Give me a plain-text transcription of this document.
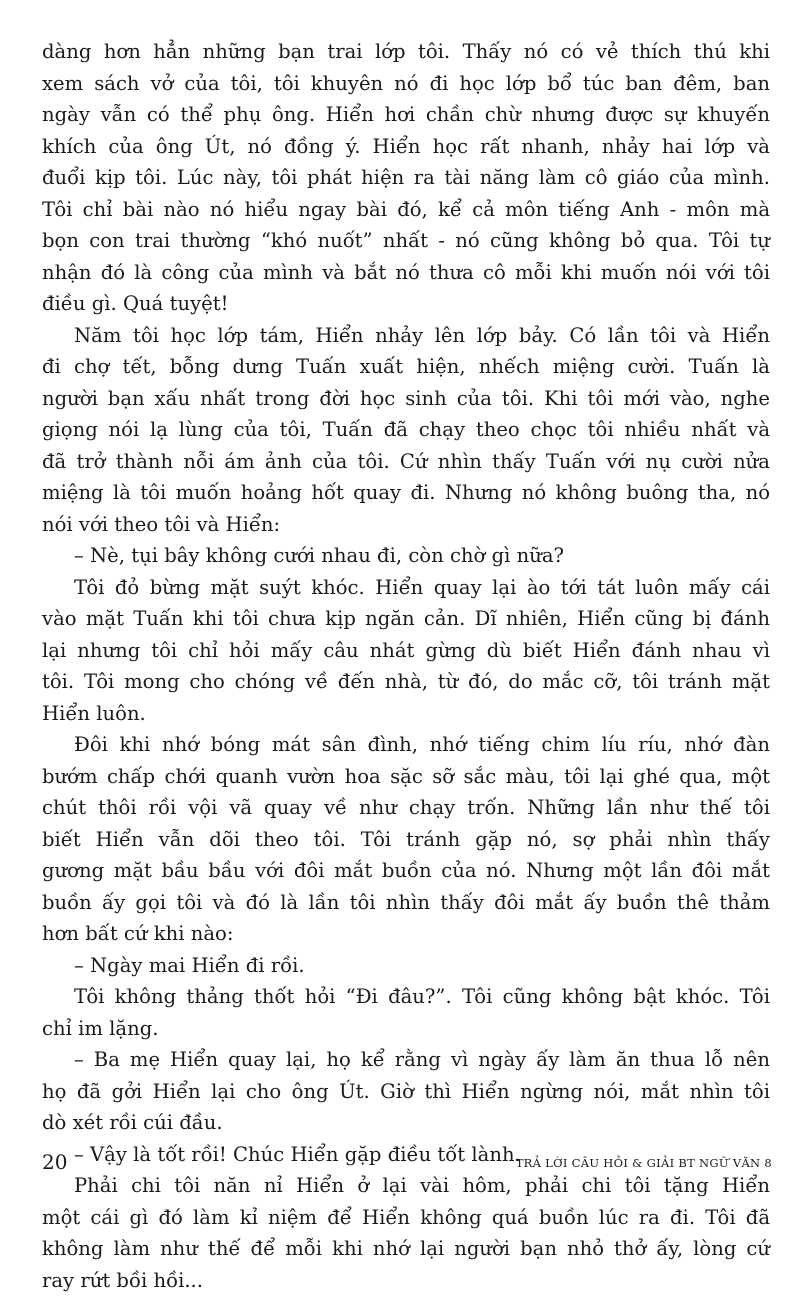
dàng hơn hẳn những bạn trai lớp tôi. Thấy nó có vẻ thích thú khi
xem sách vở của tôi, tôi khuyên nó đi học lớp bổ túc ban đêm, ban
ngày vẫn có thể phụ ông. Hiển hơi chần chừ nhưng được sự khuyến
khích của ông Út, nó đồng ý. Hiển học rất nhanh, nhảy hai lớp và
đuổi kịp tôi. Lúc này, tôi phát hiện ra tài năng làm cô giáo của mình.
Tôi chỉ bài nào nó hiểu ngay bài đó, kể cả môn tiếng Anh - môn mà
bọn con trai thường “khó nuốt” nhất - nó cũng không bỏ qua. Tôi tự
nhận đó là công của mình và bắt nó thưa cô mỗi khi muốn nói với tôi
điều gì. Quá tuyệt!

Năm tôi học lớp tám, Hiển nhảy lên lớp bảy. Có lần tôi và Hiển
đi chợ tết, bỗng dưng Tuấn xuất hiện, nhếch miệng cười. Tuấn là
người bạn xấu nhất trong đời học sinh của tôi. Khi tôi mới vào, nghe
giọng nói lạ lùng của tôi, Tuấn đã chạy theo chọc tôi nhiều nhất và
đã trở thành nỗi ám ảnh của tôi. Cứ nhìn thấy Tuấn với nụ cười nửa
miệng là tôi muốn hoảng hốt quay đi. Nhưng nó không buông tha, nó
nói với theo tôi và Hiển:

– Nè, tụi bây không cưới nhau đi, còn chờ gì nữa?

Tôi đỏ bừng mặt suýt khóc. Hiển quay lại ào tới tát luôn mấy cái
vào mặt Tuấn khi tôi chưa kịp ngăn cản. Dĩ nhiên, Hiển cũng bị đánh
lại nhưng tôi chỉ hỏi mấy câu nhát gừng dù biết Hiển đánh nhau vì
tôi. Tôi mong cho chóng về đến nhà, từ đó, do mắc cỡ, tôi tránh mặt
Hiển luôn.

Đôi khi nhớ bóng mát sân đình, nhớ tiếng chim líu ríu, nhớ đàn
bướm chấp chới quanh vườn hoa sặc sỡ sắc màu, tôi lại ghé qua, một
chút thôi rồi vội vã quay về như chạy trốn. Những lần như thế tôi
biết Hiển vẫn dõi theo tôi. Tôi tránh gặp nó, sợ phải nhìn thấy
gương mặt bầu bầu với đôi mắt buồn của nó. Nhưng một lần đôi mắt
buồn ấy gọi tôi và đó là lần tôi nhìn thấy đôi mắt ấy buồn thê thảm
hơn bất cứ khi nào:

– Ngày mai Hiển đi rồi.

Tôi không thảng thốt hỏi “Đi đâu?”. Tôi cũng không bật khóc. Tôi
chỉ im lặng.

– Ba mẹ Hiển quay lại, họ kể rằng vì ngày ấy làm ăn thua lỗ nên
họ đã gởi Hiển lại cho ông Út. Giờ thì Hiển ngừng nói, mắt nhìn tôi
dò xét rồi cúi đầu.

– Vậy là tốt rồi! Chúc Hiển gặp điều tốt lành.

Phải chi tôi năn nỉ Hiển ở lại vài hôm, phải chi tôi tặng Hiển
một cái gì đó làm kỉ niệm để Hiển không quá buồn lúc ra đi. Tôi đã
không làm như thế để mỗi khi nhớ lại người bạn nhỏ thở ấy, lòng cứ
ray rứt bồi hồi...

20	TRẢ LỜI CÂU HỎI & GIẢI BT NGỮ VĂN 8
